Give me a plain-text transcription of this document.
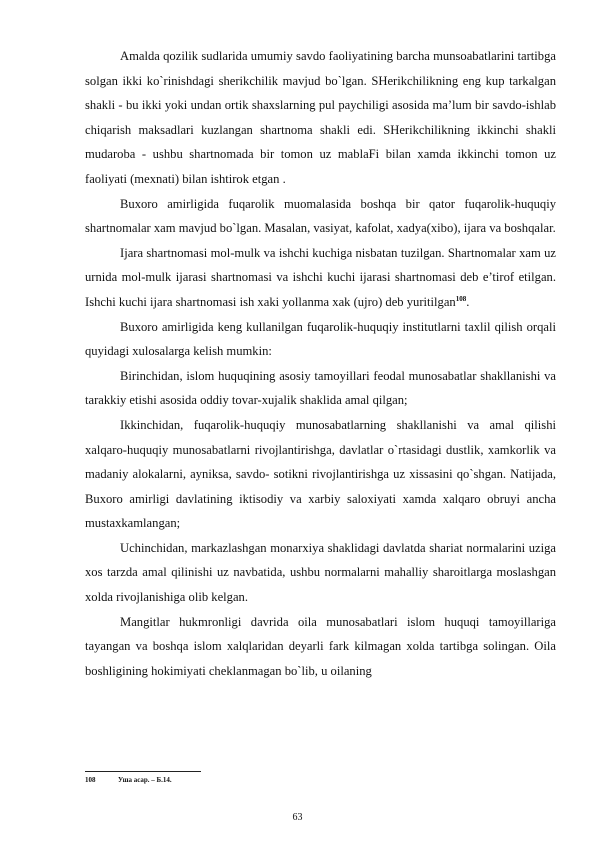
Amalda qozilik sudlarida umumiy savdo faoliyatining barcha munsoabatlarini tartibga solgan ikki ko`rinishdagi sherikchilik mavjud bo`lgan. SHerikchilikning eng kup tarkalgan shakli - bu ikki yoki undan ortik shaxslarning pul paychiligi asosida ma’lum bir savdo-ishlab chiqarish maksadlari kuzlangan shartnoma shakli edi. SHerikchilikning ikkinchi shakli mudaroba - ushbu shartnomada bir tomon uz mablaFi bilan xamda ikkinchi tomon uz faoliyati (mexnati) bilan ishtirok etgan .

Buxoro amirligida fuqarolik muomalasida boshqa bir qator fuqarolik-huquqiy shartnomalar xam mavjud bo`lgan. Masalan, vasiyat, kafolat, xadya(xibo), ijara va boshqalar.

Ijara shartnomasi mol-mulk va ishchi kuchiga nisbatan tuzilgan. Shartnomalar xam uz urnida mol-mulk ijarasi shartnomasi va ishchi kuchi ijarasi shartnomasi deb e’tirof etilgan. Ishchi kuchi ijara shartnomasi ish xaki yollanma xak (ujro) deb yuritilgan$^{108}$.

Buxoro amirligida keng kullanilgan fuqarolik-huquqiy institutlarni taxlil qilish orqali quyidagi xulosalarga kelish mumkin:

Birinchidan, islom huquqining asosiy tamoyillari feodal munosabatlar shakllanishi va tarakkiy etishi asosida oddiy tovar-xujalik shaklida amal qilgan;

Ikkinchidan, fuqarolik-huquqiy munosabatlarning shakllanishi va amal qilishi xalqaro-huquqiy munosabatlarni rivojlantirishga, davlatlar o`rtasidagi dustlik, xamkorlik va madaniy alokalarni, ayniksa, savdo- sotikni rivojlantirishga uz xissasini qo`shgan. Natijada, Buxoro amirligi davlatining iktisodiy va xarbiy saloxiyati xamda xalqaro obruyi ancha mustaxkamlangan;

Uchinchidan, markazlashgan monarxiya shaklidagi davlatda shariat normalarini uziga xos tarzda amal qilinishi uz navbatida, ushbu normalarni mahalliy sharoitlarga moslashgan xolda rivojlanishiga olib kelgan.

Mangitlar hukmronligi davrida oila munosabatlari islom huquqi tamoyillariga tayangan va boshqa islom xalqlaridan deyarli fark kilmagan xolda tartibga solingan. Oila boshligining hokimiyati cheklanmagan bo`lib, u oilaning

108	Уша асар. – Б.14.
63
